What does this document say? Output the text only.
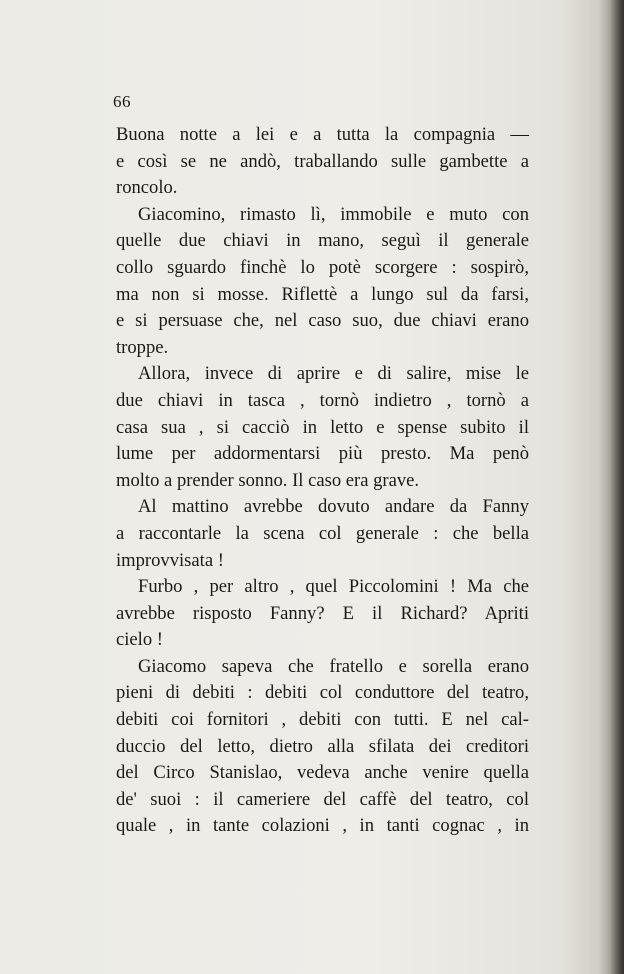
66
Buona notte a lei e a tutta la compagnia —
e così se ne andò, traballando sulle gambette a
roncolo.
Giacomino, rimasto lì, immobile e muto con
quelle due chiavi in mano, seguì il generale
collo sguardo finchè lo potè scorgere : sospirò,
ma non si mosse. Riflettè a lungo sul da farsi,
e si persuase che, nel caso suo, due chiavi erano
troppe.
Allora, invece di aprire e di salire, mise le
due chiavi in tasca , tornò indietro , tornò a
casa sua , si cacciò in letto e spense subito il
lume per addormentarsi più presto. Ma penò
molto a prender sonno. Il caso era grave.
Al mattino avrebbe dovuto andare da Fanny
a raccontarle la scena col generale : che bella
improvvisata !
Furbo , per altro , quel Piccolomini ! Ma che
avrebbe risposto Fanny? E il Richard? Apriti
cielo !
Giacomo sapeva che fratello e sorella erano
pieni di debiti : debiti col conduttore del teatro,
debiti coi fornitori , debiti con tutti. E nel cal-
duccio del letto, dietro alla sfilata dei creditori
del Circo Stanislao, vedeva anche venire quella
de' suoi : il cameriere del caffè del teatro, col
quale , in tante colazioni , in tanti cognac , in
